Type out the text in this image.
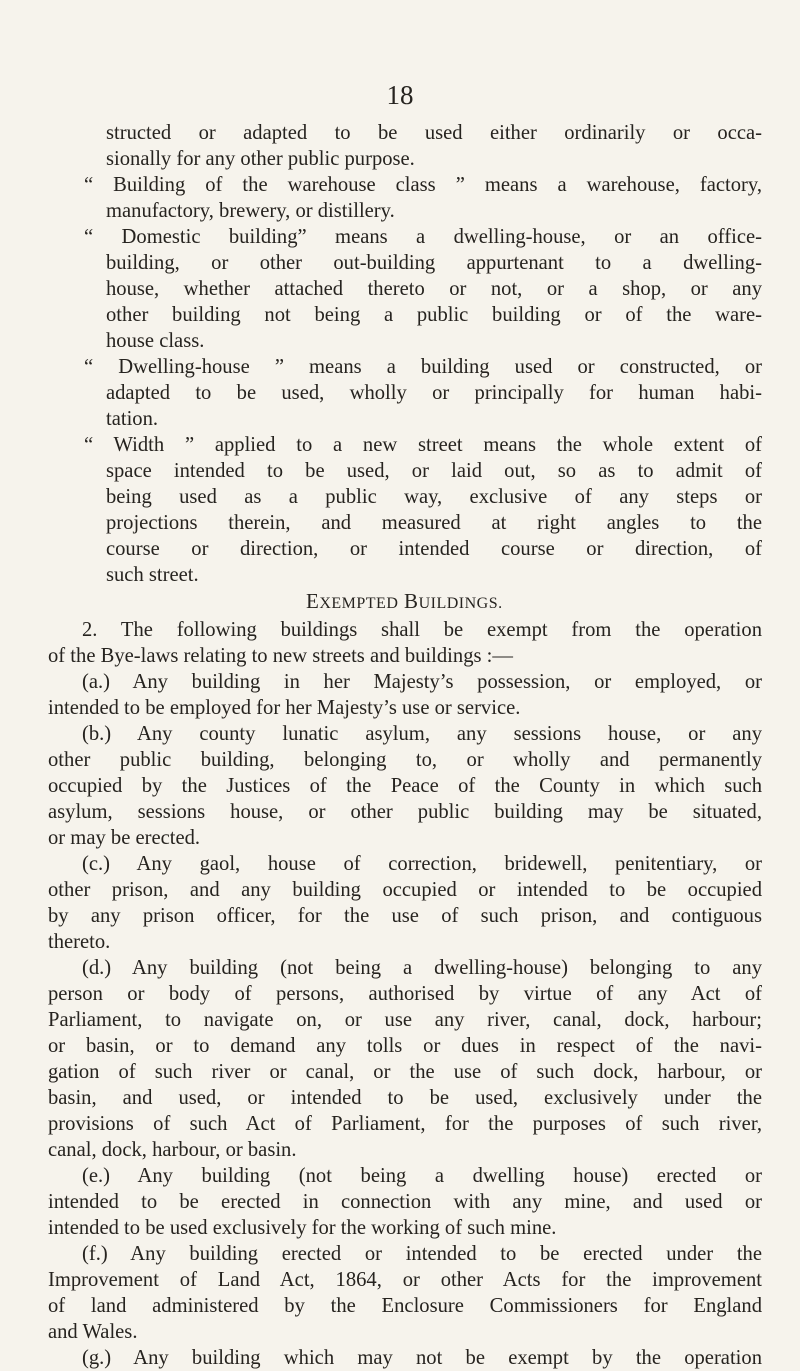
18
structed or adapted to be used either ordinarily or occa-
sionally for any other public purpose.
“ Building of the warehouse class ” means a warehouse, factory,
manufactory, brewery, or distillery.
“ Domestic building” means a dwelling-house, or an office-
building, or other out-building appurtenant to a dwelling-
house, whether attached thereto or not, or a shop, or any
other building not being a public building or of the ware-
house class.
“ Dwelling-house ” means a building used or constructed, or
adapted to be used, wholly or principally for human habi-
tation.
“ Width ” applied to a new street means the whole extent of
space intended to be used, or laid out, so as to admit of
being used as a public way, exclusive of any steps or
projections therein, and measured at right angles to the
course or direction, or intended course or direction, of
such street.
EXEMPTED BUILDINGS.
2. The following buildings shall be exempt from the operation
of the Bye-laws relating to new streets and buildings :—
(a.) Any building in her Majesty’s possession, or employed, or
intended to be employed for her Majesty’s use or service.
(b.) Any county lunatic asylum, any sessions house, or any
other public building, belonging to, or wholly and permanently
occupied by the Justices of the Peace of the County in which such
asylum, sessions house, or other public building may be situated,
or may be erected.
(c.) Any gaol, house of correction, bridewell, penitentiary, or
other prison, and any building occupied or intended to be occupied
by any prison officer, for the use of such prison, and contiguous
thereto.
(d.) Any building (not being a dwelling-house) belonging to any
person or body of persons, authorised by virtue of any Act of
Parliament, to navigate on, or use any river, canal, dock, harbour;
or basin, or to demand any tolls or dues in respect of the navi-
gation of such river or canal, or the use of such dock, harbour, or
basin, and used, or intended to be used, exclusively under the
provisions of such Act of Parliament, for the purposes of such river,
canal, dock, harbour, or basin.
(e.) Any building (not being a dwelling house) erected or
intended to be erected in connection with any mine, and used or
intended to be used exclusively for the working of such mine.
(f.) Any building erected or intended to be erected under the
Improvement of Land Act, 1864, or other Acts for the improvement
of land administered by the Enclosure Commissioners for England
and Wales.
(g.) Any building which may not be exempt by the operation
